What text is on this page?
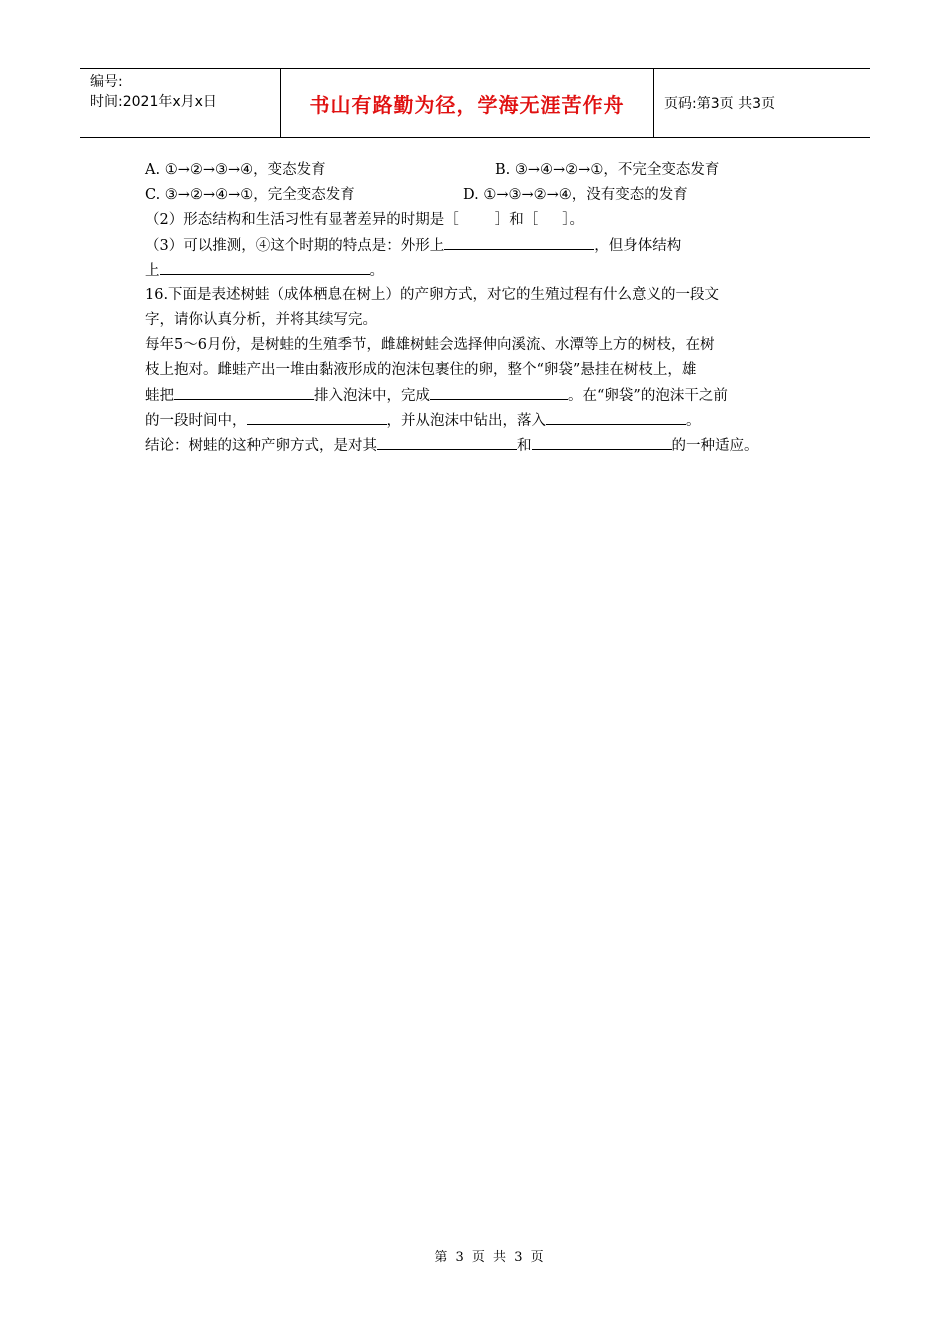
编号:
时间:2021年x月x日	书山有路勤为径，学海无涯苦作舟	页码:第3页 共3页
A. ①→②→③→④，变态发育	B. ③→④→②→①，不完全变态发育
C. ③→②→④→①，完全变态发育	D. ①→③→②→④，没有变态的发育
（2）形态结构和生活习性有显著差异的时期是［ ］和［ ］。
（3）可以推测，④这个时期的特点是：外形上	，但身体结构
上	。
16.下面是表述树蛙（成体栖息在树上）的产卵方式，对它的生殖过程有什么意义的一段文
字，请你认真分析，并将其续写完。
每年5～6月份，是树蛙的生殖季节，雌雄树蛙会选择伸向溪流、水潭等上方的树枝，在树
枝上抱对。雌蛙产出一堆由黏液形成的泡沫包裹住的卵，整个“卵袋”悬挂在树枝上，雄
蛙把	排入泡沫中，完成	。在“卵袋”的泡沫干之前
的一段时间中，	，并从泡沫中钻出，落入	。
结论：树蛙的这种产卵方式，是对其	和	的一种适应。
第 3 页 共 3 页
